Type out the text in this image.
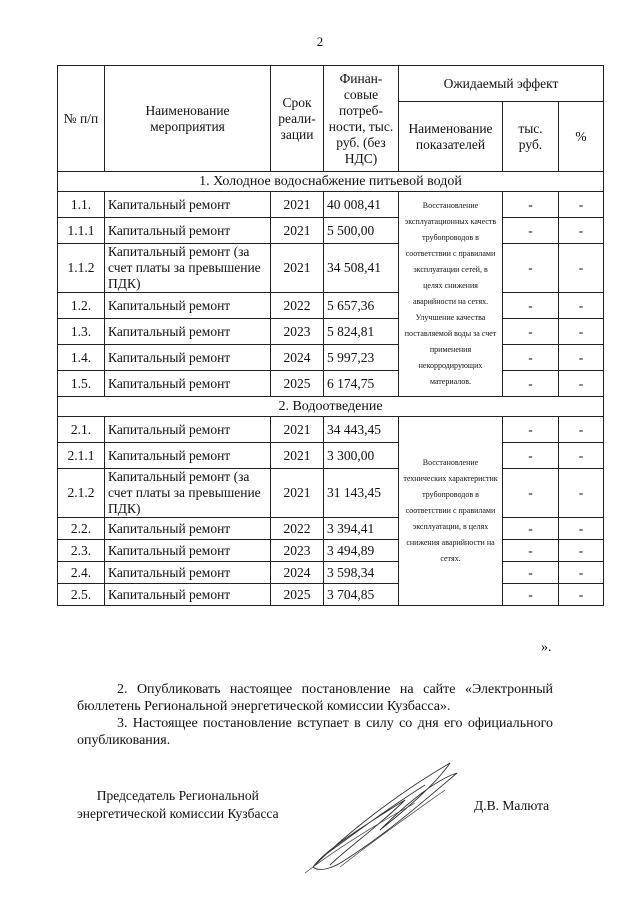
2
№ п/п	Наименование мероприятия	Срок реали-зации	Финан-совые потреб-ности, тыс. руб. (без НДС)	Ожидаемый эффект		
				Наименование показателей	тыс. руб.	%
1. Холодное водоснабжение питьевой водой						
1.1.	Капитальный ремонт	2021	40 008,41	Восстановление эксплуатационных качеств трубопроводов в соответствии с правилами эксплуатации сетей, в целях снижения аварийности на сетях. Улучшение качества поставляемой воды за счет применения некорродирующих материалов.	-	-
1.1.1	Капитальный ремонт	2021	5 500,00		-	-
1.1.2	Капитальный ремонт (за счет платы за превышение ПДК)	2021	34 508,41		-	-
1.2.	Капитальный ремонт	2022	5 657,36		-	-
1.3.	Капитальный ремонт	2023	5 824,81		-	-
1.4.	Капитальный ремонт	2024	5 997,23		-	-
1.5.	Капитальный ремонт	2025	6 174,75		-	-
2. Водоотведение						
2.1.	Капитальный ремонт	2021	34 443,45	Восстановление технических характеристик трубопроводов в соответствии с правилами эксплуатации, в целях снижения аварийности на сетях.	-	-
2.1.1	Капитальный ремонт	2021	3 300,00		-	-
2.1.2	Капитальный ремонт (за счет платы за превышение ПДК)	2021	31 143,45		-	-
2.2.	Капитальный ремонт	2022	3 394,41		-	-
2.3.	Капитальный ремонт	2023	3 494,89		-	-
2.4.	Капитальный ремонт	2024	3 598,34		-	-
2.5.	Капитальный ремонт	2025	3 704,85		-	-
».
2. Опубликовать настоящее постановление на сайте «Электронный бюллетень Региональной энергетической комиссии Кузбасса».
3. Настоящее постановление вступает в силу со дня его официального опубликования.
Председатель Региональной
энергетической комиссии Кузбасса
Д.В. Малюта
